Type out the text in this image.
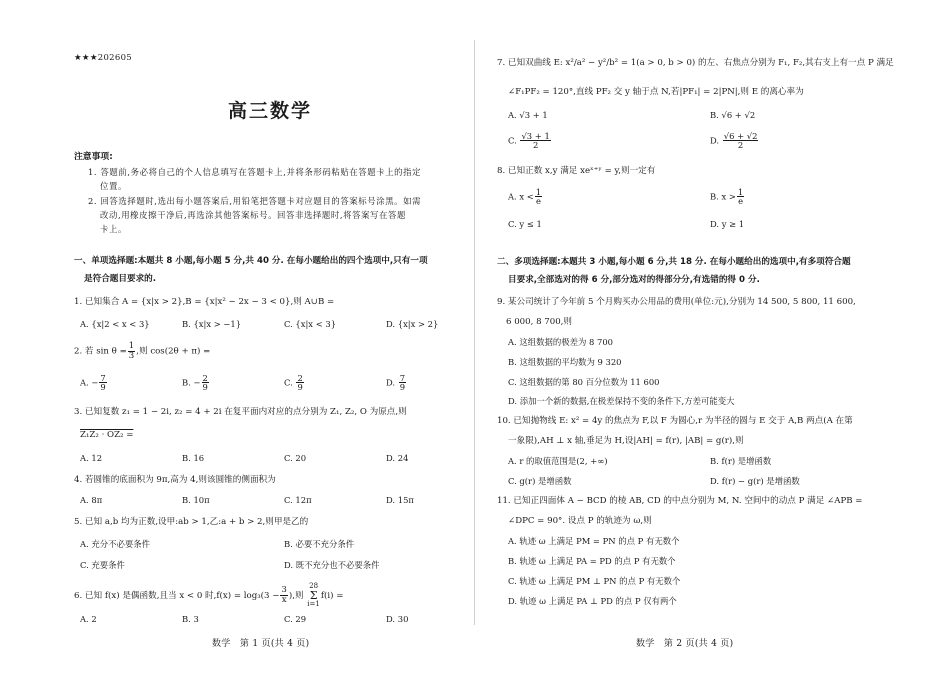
★★★202605
高三数学
注意事项:
1. 答题前,务必将自己的个人信息填写在答题卡上,并将条形码粘贴在答题卡上的指定
位置。
2. 回答选择题时,选出每小题答案后,用铅笔把答题卡对应题目的答案标号涂黑。如需
改动,用橡皮擦干净后,再选涂其他答案标号。回答非选择题时,将答案写在答题
卡上。
一、单项选择题:本题共 8 小题,每小题 5 分,共 40 分. 在每小题给出的四个选项中,只有一项
是符合题目要求的.
1. 已知集合 A = {x|x > 2},B = {x|x² − 2x − 3 < 0},则 A∪B =
A. {x|2 < x < 3}	B. {x|x > −1}	C. {x|x < 3}	D. {x|x > 2}
2. 若 $\sin \theta = \frac{1}{3}$ ,则 cos(2θ + π) =
A. − $\frac{7}{9}$	B. − $\frac{2}{9}$	C. $\frac{2}{9}$	D. $\frac{7}{9}$
3. 已知复数 z₁ = 1 − 2i, z₂ = 4 + 2i 在复平面内对应的点分别为 Z₁, Z₂, O 为原点,则
Z₁Z₂ · OZ₂ =
A. 12	B. 16	C. 20	D. 24
4. 若圆锥的底面积为 9π,高为 4,则该圆锥的侧面积为
A. 8π	B. 10π	C. 12π	D. 15π
5. 已知 a,b 均为正数,设甲:ab > 1,乙:a + b > 2,则甲是乙的
A. 充分不必要条件	B. 必要不充分条件
C. 充要条件	D. 既不充分也不必要条件
6. 已知 f(x) 是偶函数,且当 x < 0 时$,f(x) = \log_3(3 - \frac{3}{x}$ ),则 28
Σ
i=1f(i) =
A. 2	B. 3	C. 29	D. 30
数学　第 1 页(共 4 页)
7. 已知双曲线 E: x²/a² − y²/b² = 1(a > 0, b > 0) 的左、右焦点分别为 F₁, F₂,其右支上有一点 P 满足
∠F₁PF₂ = 120°,直线 PF₂ 交 y 轴于点 N,若|PF₁| = 2|PN|,则 E 的离心率为
A. √3 + 1	B. √6 + √2
C. $\frac{√3 + 1}{2}$	D. $\frac{√6 + √2}{2}$
8. 已知正数 x,y 满足 xeˣ⁺ʸ = y,则一定有
A. $x < \frac{1}{e}$	B. $x > \frac{1}{e}$
C. y ≤ 1	D. y ≥ 1
二、多项选择题:本题共 3 小题,每小题 6 分,共 18 分. 在每小题给出的选项中,有多项符合题
目要求,全部选对的得 6 分,部分选对的得部分分,有选错的得 0 分.
9. 某公司统计了今年前 5 个月购买办公用品的费用(单位:元),分别为 14 500, 5 800, 11 600,
6 000, 8 700,则
A. 这组数据的极差为 8 700
B. 这组数据的平均数为 9 320
C. 这组数据的第 80 百分位数为 11 600
D. 添加一个新的数据,在极差保持不变的条件下,方差可能变大
10. 已知抛物线 E: x² = 4y 的焦点为 F,以 F 为圆心,r 为半径的圆与 E 交于 A,B 两点(A 在第
一象限),AH ⊥ x 轴,垂足为 H,设|AH| = f(r), |AB| = g(r),则
A. r 的取值范围是(2, +∞)	B. f(r) 是增函数
C. g(r) 是增函数	D. f(r) − g(r) 是增函数
11. 已知正四面体 A − BCD 的棱 AB, CD 的中点分别为 M, N. 空间中的动点 P 满足 ∠APB =
∠DPC = 90°. 设点 P 的轨迹为 ω,则
A. 轨迹 ω 上满足 PM = PN 的点 P 有无数个
B. 轨迹 ω 上满足 PA = PD 的点 P 有无数个
C. 轨迹 ω 上满足 PM ⊥ PN 的点 P 有无数个
D. 轨迹 ω 上满足 PA ⊥ PD 的点 P 仅有两个
数学　第 2 页(共 4 页)
